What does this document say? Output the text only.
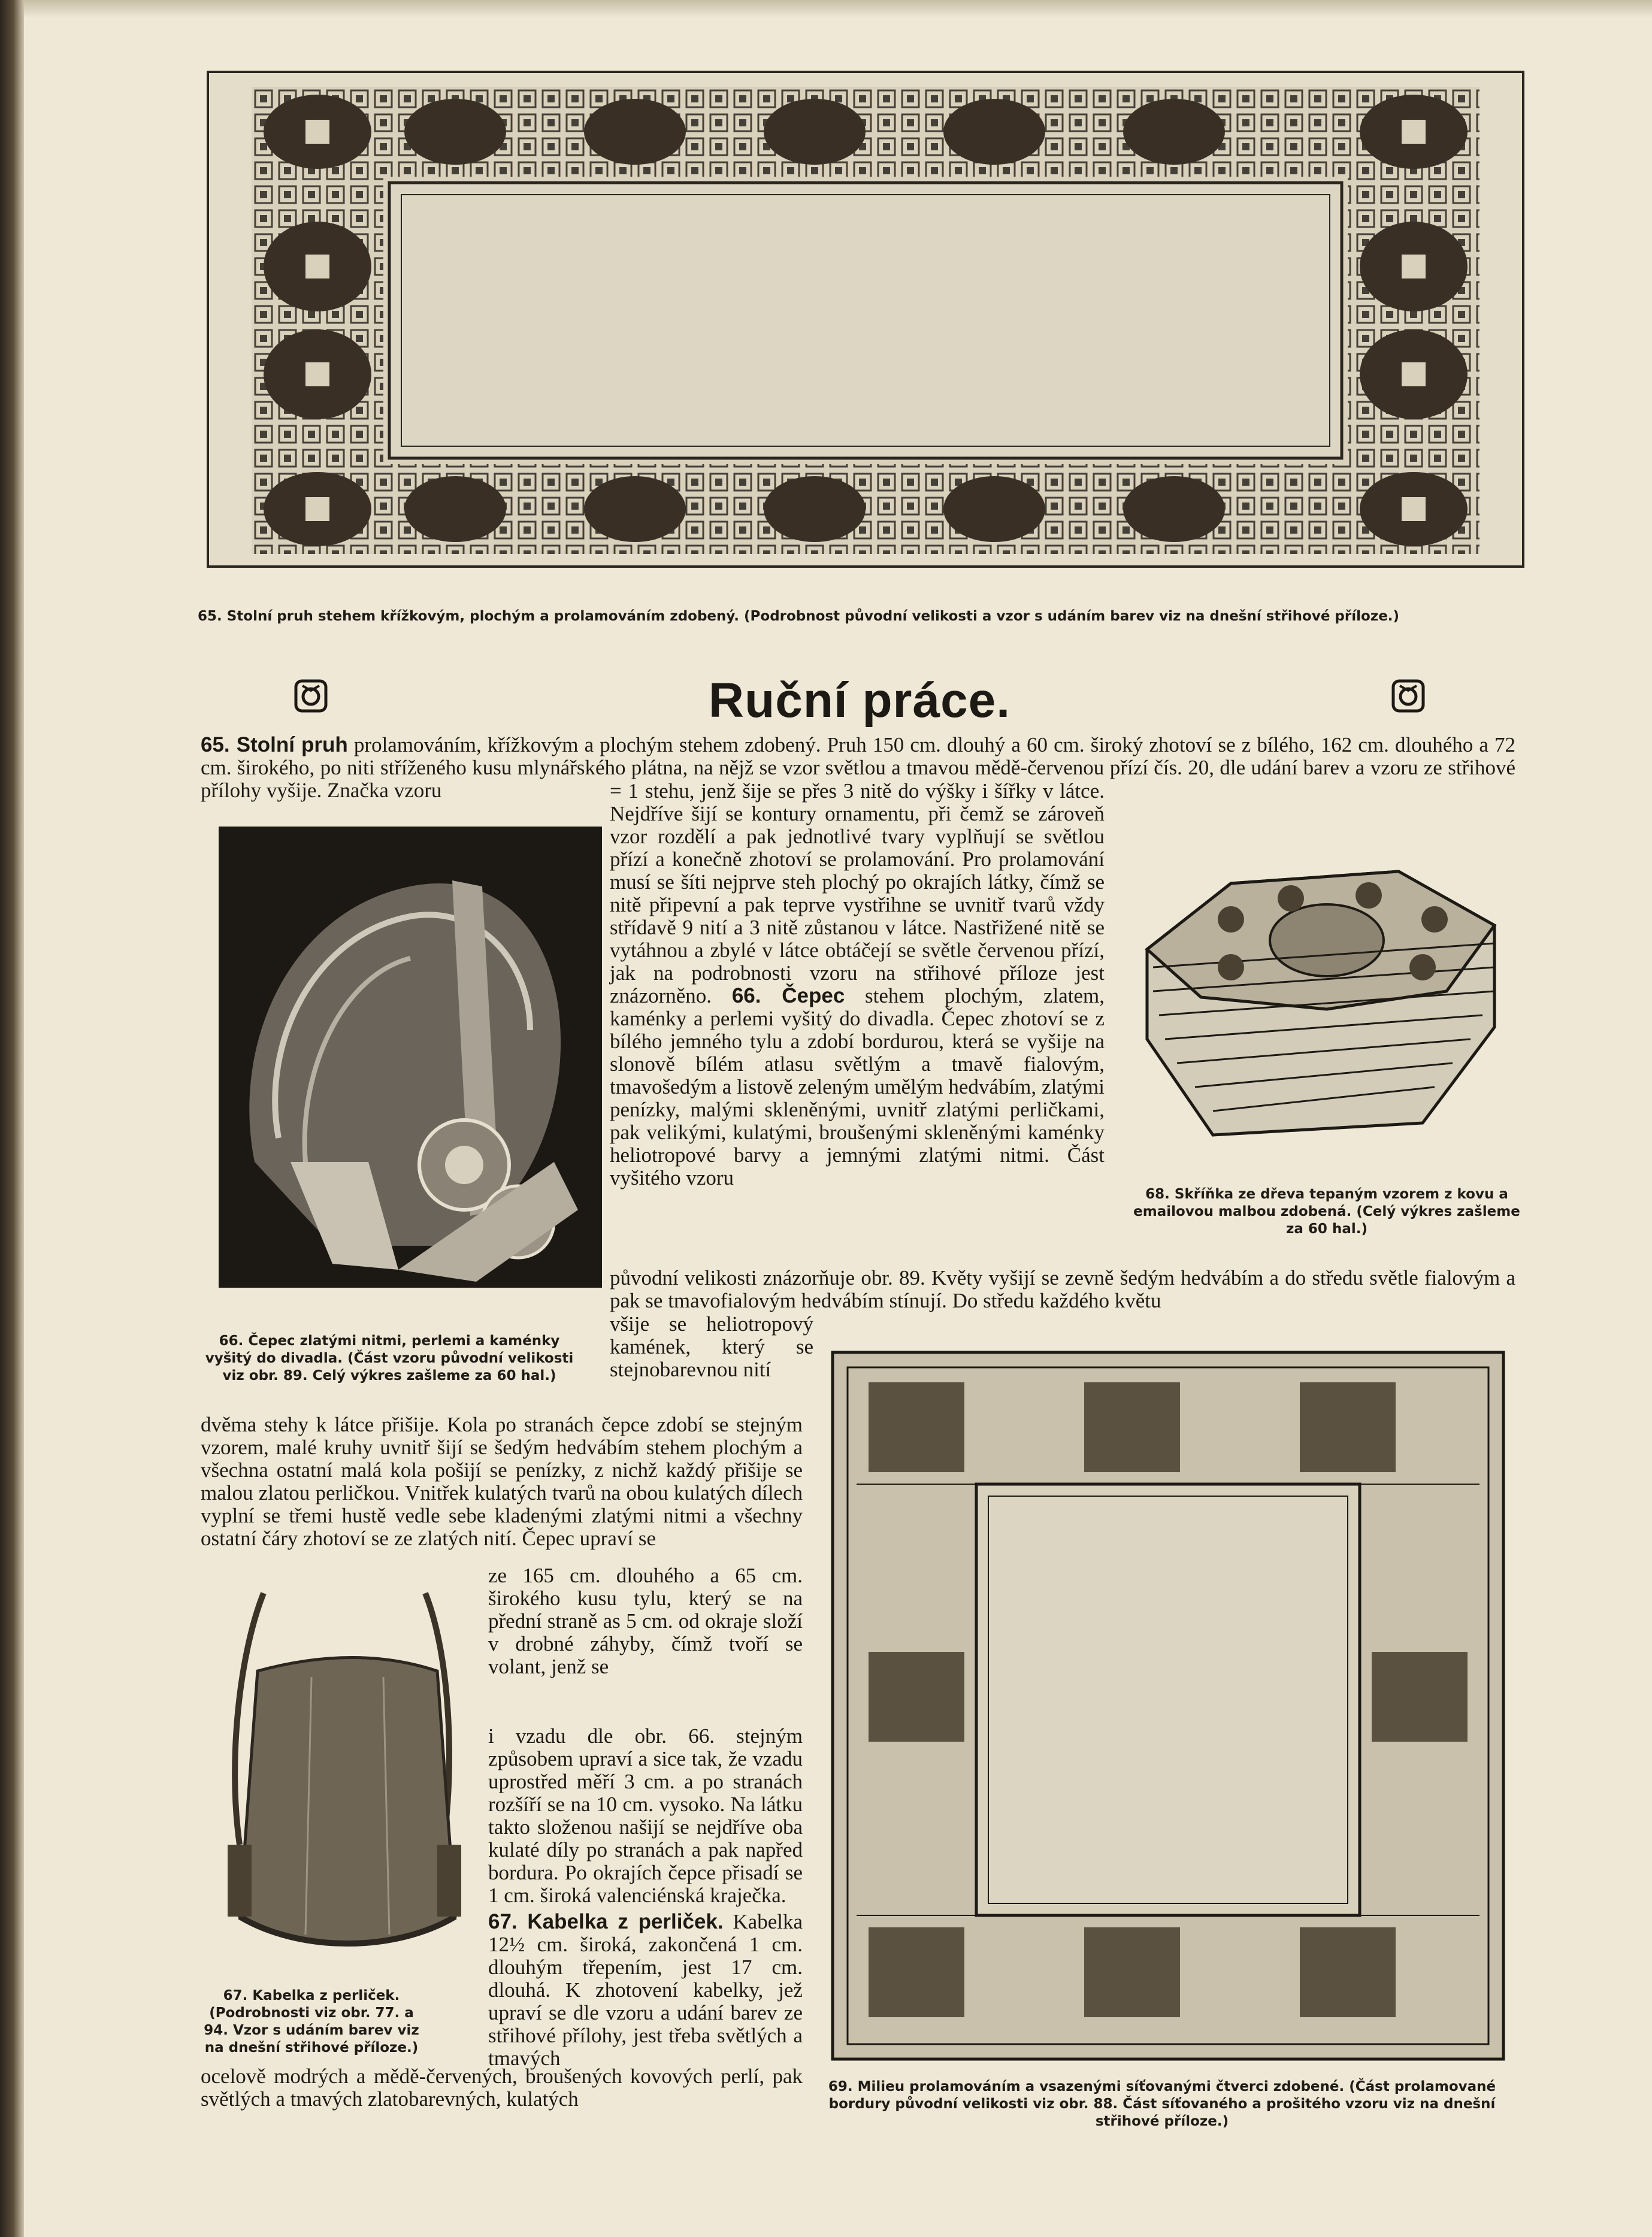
65. Stolní pruh stehem křížkovým, plochým a prolamováním zdobený. (Podrobnost původní velikosti a vzor s udáním barev viz na dnešní střihové příloze.)
Ruční práce.

65. Stolní pruh prolamováním, křížkovým a plochým stehem zdobený. Pruh 150 cm. dlouhý a 60 cm. široký zhotoví se z bílého, 162 cm. dlouhého a 72 cm. širokého, po niti stříženého kusu mlynářského plátna, na nějž se vzor světlou a tmavou mědě-červenou přízí čís. 20, dle udání barev a vzoru ze střihové přílohy vyšije. Značka vzoru

66. Čepec zlatými nitmi, perlemi a kaménky vyšitý do divadla. (Část vzoru původní velikosti viz obr. 89. Celý výkres zašleme za 60 hal.)

= 1 stehu, jenž šije se přes 3 nitě do výšky i šířky v látce. Nejdříve šijí se kontury ornamentu, při čemž se zároveň vzor rozdělí a pak jednotlivé tvary vyplňují se světlou přízí a konečně zhotoví se prolamování. Pro prolamování musí se šíti nejprve steh plochý po okrajích látky, čímž se nitě připevní a pak teprve vystřihne se uvnitř tvarů vždy střídavě 9 nití a 3 nitě zůstanou v látce. Nastřižené nitě se vytáhnou a zbylé v látce obtáčejí se světle červenou přízí, jak na podrobnosti vzoru na střihové příloze jest znázorněno. 66. Čepec stehem plochým, zlatem, kaménky a perlemi vyšitý do divadla. Čepec zhotoví se z bílého jemného tylu a zdobí bordurou, která se vyšije na slonově bílém atlasu světlým a tmavě fialovým, tmavošedým a listově zeleným umělým hedvábím, zlatými penízky, malými skleněnými, uvnitř zlatými perličkami, pak velikými, kulatými, broušenými skleněnými kaménky heliotropové barvy a jemnými zlatými nitmi. Část vyšitého vzoru

68. Skříňka ze dřeva tepaným vzorem z kovu a emailovou malbou zdobená. (Celý výkres zašleme za 60 hal.)

původní velikosti znázorňuje obr. 89. Květy vyšijí se zevně šedým hedvábím a do středu světle fialovým a pak se tmavofialovým hedvábím stínují. Do středu každého květu

všije se heliotropový kamének, který se stejnobarevnou nití

69. Milieu prolamováním a vsazenými síťovanými čtverci zdobené. (Část prolamované bordury původní velikosti viz obr. 88. Část síťovaného a prošitého vzoru viz na dnešní střihové příloze.)

dvěma stehy k látce přišije. Kola po stranách čepce zdobí se stejným vzorem, malé kruhy uvnitř šijí se šedým hedvábím stehem plochým a všechna ostatní malá kola pošijí se penízky, z nichž každý přišije se malou zlatou perličkou. Vnitřek kulatých tvarů na obou kulatých dílech vyplní se třemi hustě vedle sebe kladenými zlatými nitmi a všechny ostatní čáry zhotoví se ze zlatých nití. Čepec upraví se

67. Kabelka z perliček. (Podrobnosti viz obr. 77. a 94. Vzor s udáním barev viz na dnešní střihové příloze.)

ze 165 cm. dlouhého a 65 cm. širokého kusu tylu, který se na přední straně as 5 cm. od okraje složí v drobné záhyby, čímž tvoří se volant, jenž se

i vzadu dle obr. 66. stejným způsobem upraví a sice tak, že vzadu uprostřed měří 3 cm. a po stranách rozšíří se na 10 cm. vysoko. Na látku takto složenou našijí se nejdříve oba kulaté díly po stranách a pak napřed bordura. Po okrajích čepce přisadí se 1 cm. široká valenciénská kraječka.

67. Kabelka z perliček. Kabelka 12½ cm. široká, zakončená 1 cm. dlouhým třepením, jest 17 cm. dlouhá. K zhotovení kabelky, jež upraví se dle vzoru a udání barev ze střihové přílohy, jest třeba světlých a tmavých

ocelově modrých a mědě-červených, broušených kovových perlí, pak světlých a tmavých zlatobarevných, kulatých
